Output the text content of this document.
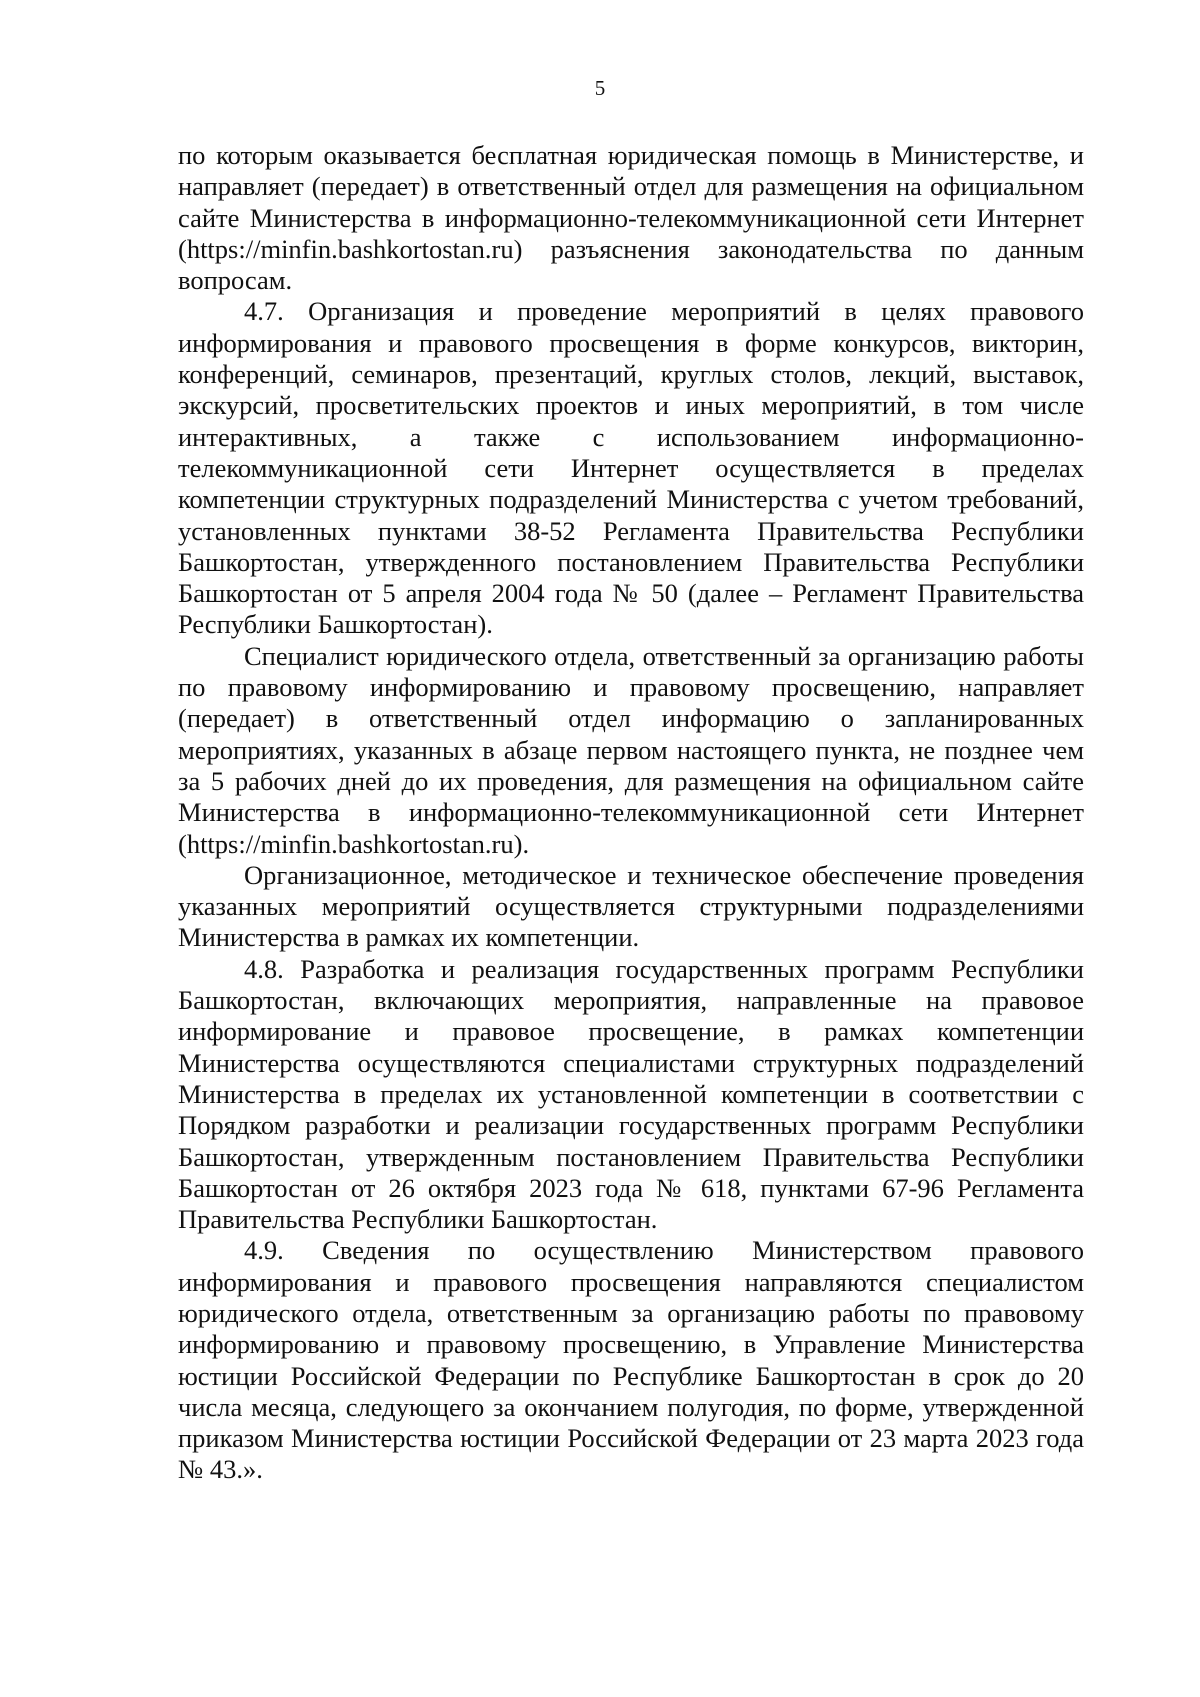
5

по которым оказывается бесплатная юридическая помощь в Министерстве, и направляет (передает) в ответственный отдел для размещения на официальном сайте Министерства в информационно-телекоммуникационной сети Интернет (https://minfin.bashkortostan.ru) разъяснения законодательства по данным вопросам.

4.7. Организация и проведение мероприятий в целях правового информирования и правового просвещения в форме конкурсов, викторин, конференций, семинаров, презентаций, круглых столов, лекций, выставок, экскурсий, просветительских проектов и иных мероприятий, в том числе интерактивных, а также с использованием информационно-телекоммуникационной сети Интернет осуществляется в пределах компетенции структурных подразделений Министерства с учетом требований, установленных пунктами 38-52 Регламента Правительства Республики Башкортостан, утвержденного постановлением Правительства Республики Башкортостан от 5 апреля 2004 года № 50 (далее – Регламент Правительства Республики Башкортостан).

Специалист юридического отдела, ответственный за организацию работы по правовому информированию и правовому просвещению, направляет (передает) в ответственный отдел информацию о запланированных мероприятиях, указанных в абзаце первом настоящего пункта, не позднее чем за 5 рабочих дней до их проведения, для размещения на официальном сайте Министерства в информационно-телекоммуникационной сети Интернет (https://minfin.bashkortostan.ru).

Организационное, методическое и техническое обеспечение проведения указанных мероприятий осуществляется структурными подразделениями Министерства в рамках их компетенции.

4.8. Разработка и реализация государственных программ Республики Башкортостан, включающих мероприятия, направленные на правовое информирование и правовое просвещение, в рамках компетенции Министерства осуществляются специалистами структурных подразделений Министерства в пределах их установленной компетенции в соответствии с Порядком разработки и реализации государственных программ Республики Башкортостан, утвержденным постановлением Правительства Республики Башкортостан от 26 октября 2023 года № 618, пунктами 67-96 Регламента Правительства Республики Башкортостан.

4.9. Сведения по осуществлению Министерством правового информирования и правового просвещения направляются специалистом юридического отдела, ответственным за организацию работы по правовому информированию и правовому просвещению, в Управление Министерства юстиции Российской Федерации по Республике Башкортостан в срок до 20 числа месяца, следующего за окончанием полугодия, по форме, утвержденной приказом Министерства юстиции Российской Федерации от 23 марта 2023 года № 43.».
